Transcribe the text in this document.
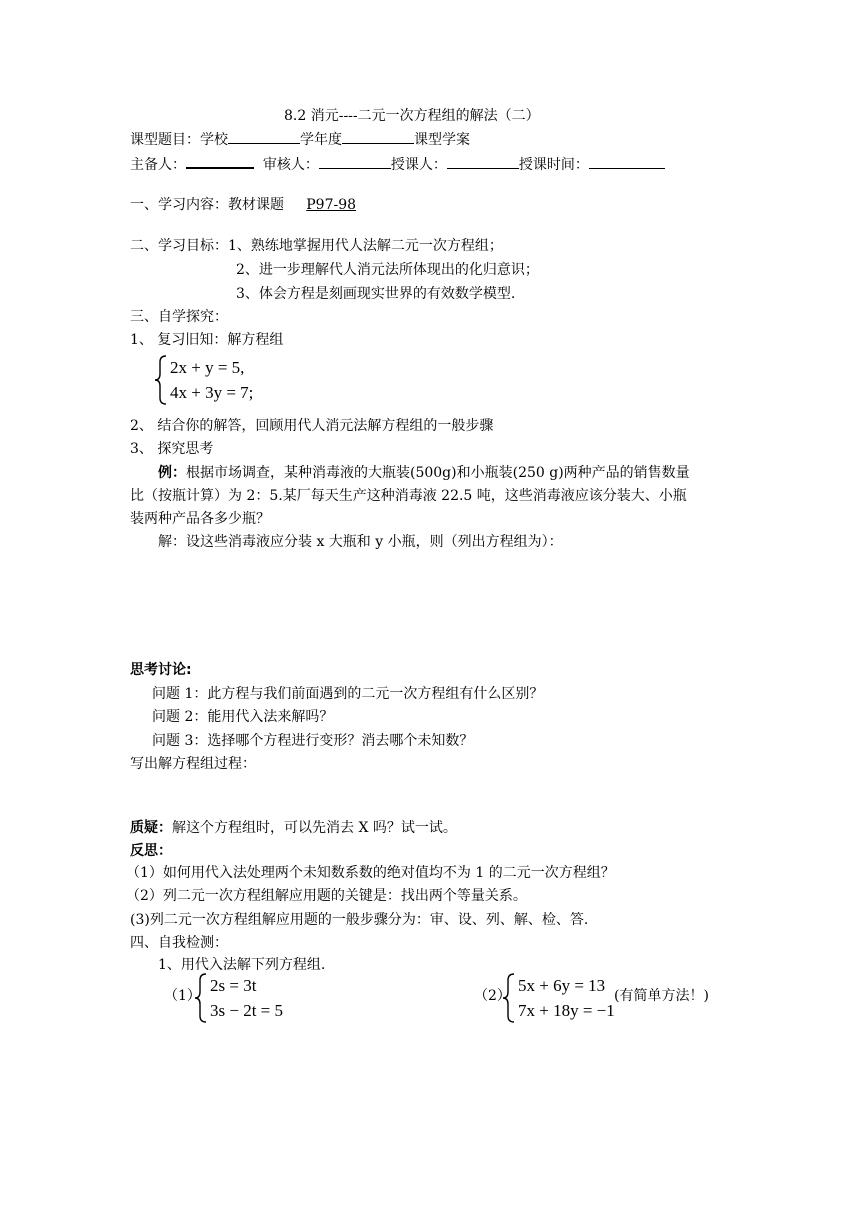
8.2 消元----二元一次方程组的解法（二）
课型题目：学校	学年度	课型学案
主备人：	审核人：	授课人：	授课时间：
一、学习内容：教材课题 P97-98
二、学习目标：1、熟练地掌握用代人法解二元一次方程组；
2、进一步理解代人消元法所体现出的化归意识；
3、体会方程是刻画现实世界的有效数学模型.
三、自学探究：
1、 复习旧知：解方程组
2x + y = 5,
4x + 3y = 7;
2、 结合你的解答，回顾用代人消元法解方程组的一般步骤
3、 探究思考
例：根据市场调查，某种消毒液的大瓶装(500g)和小瓶装(250 g)两种产品的销售数量
比（按瓶计算）为 2：5.某厂每天生产这种消毒液 22.5 吨，这些消毒液应该分装大、小瓶
装两种产品各多少瓶？
解：设这些消毒液应分装 x 大瓶和 y 小瓶，则（列出方程组为）：
思考讨论:
问题 1：此方程与我们前面遇到的二元一次方程组有什么区别？
问题 2：能用代入法来解吗？
问题 3：选择哪个方程进行变形？消去哪个未知数？
写出解方程组过程：
质疑：解这个方程组时，可以先消去 X 吗？试一试。
反思：
（1）如何用代入法处理两个未知数系数的绝对值均不为 1 的二元一次方程组？
（2）列二元一次方程组解应用题的关键是：找出两个等量关系。
(3)列二元一次方程组解应用题的一般步骤分为：审、设、列、解、检、答.
四、自我检测：
1、用代入法解下列方程组.
（1）
2s = 3t
3s − 2t = 5
（2）
5x + 6y = 13
7x + 18y = −1
(有简单方法！)
